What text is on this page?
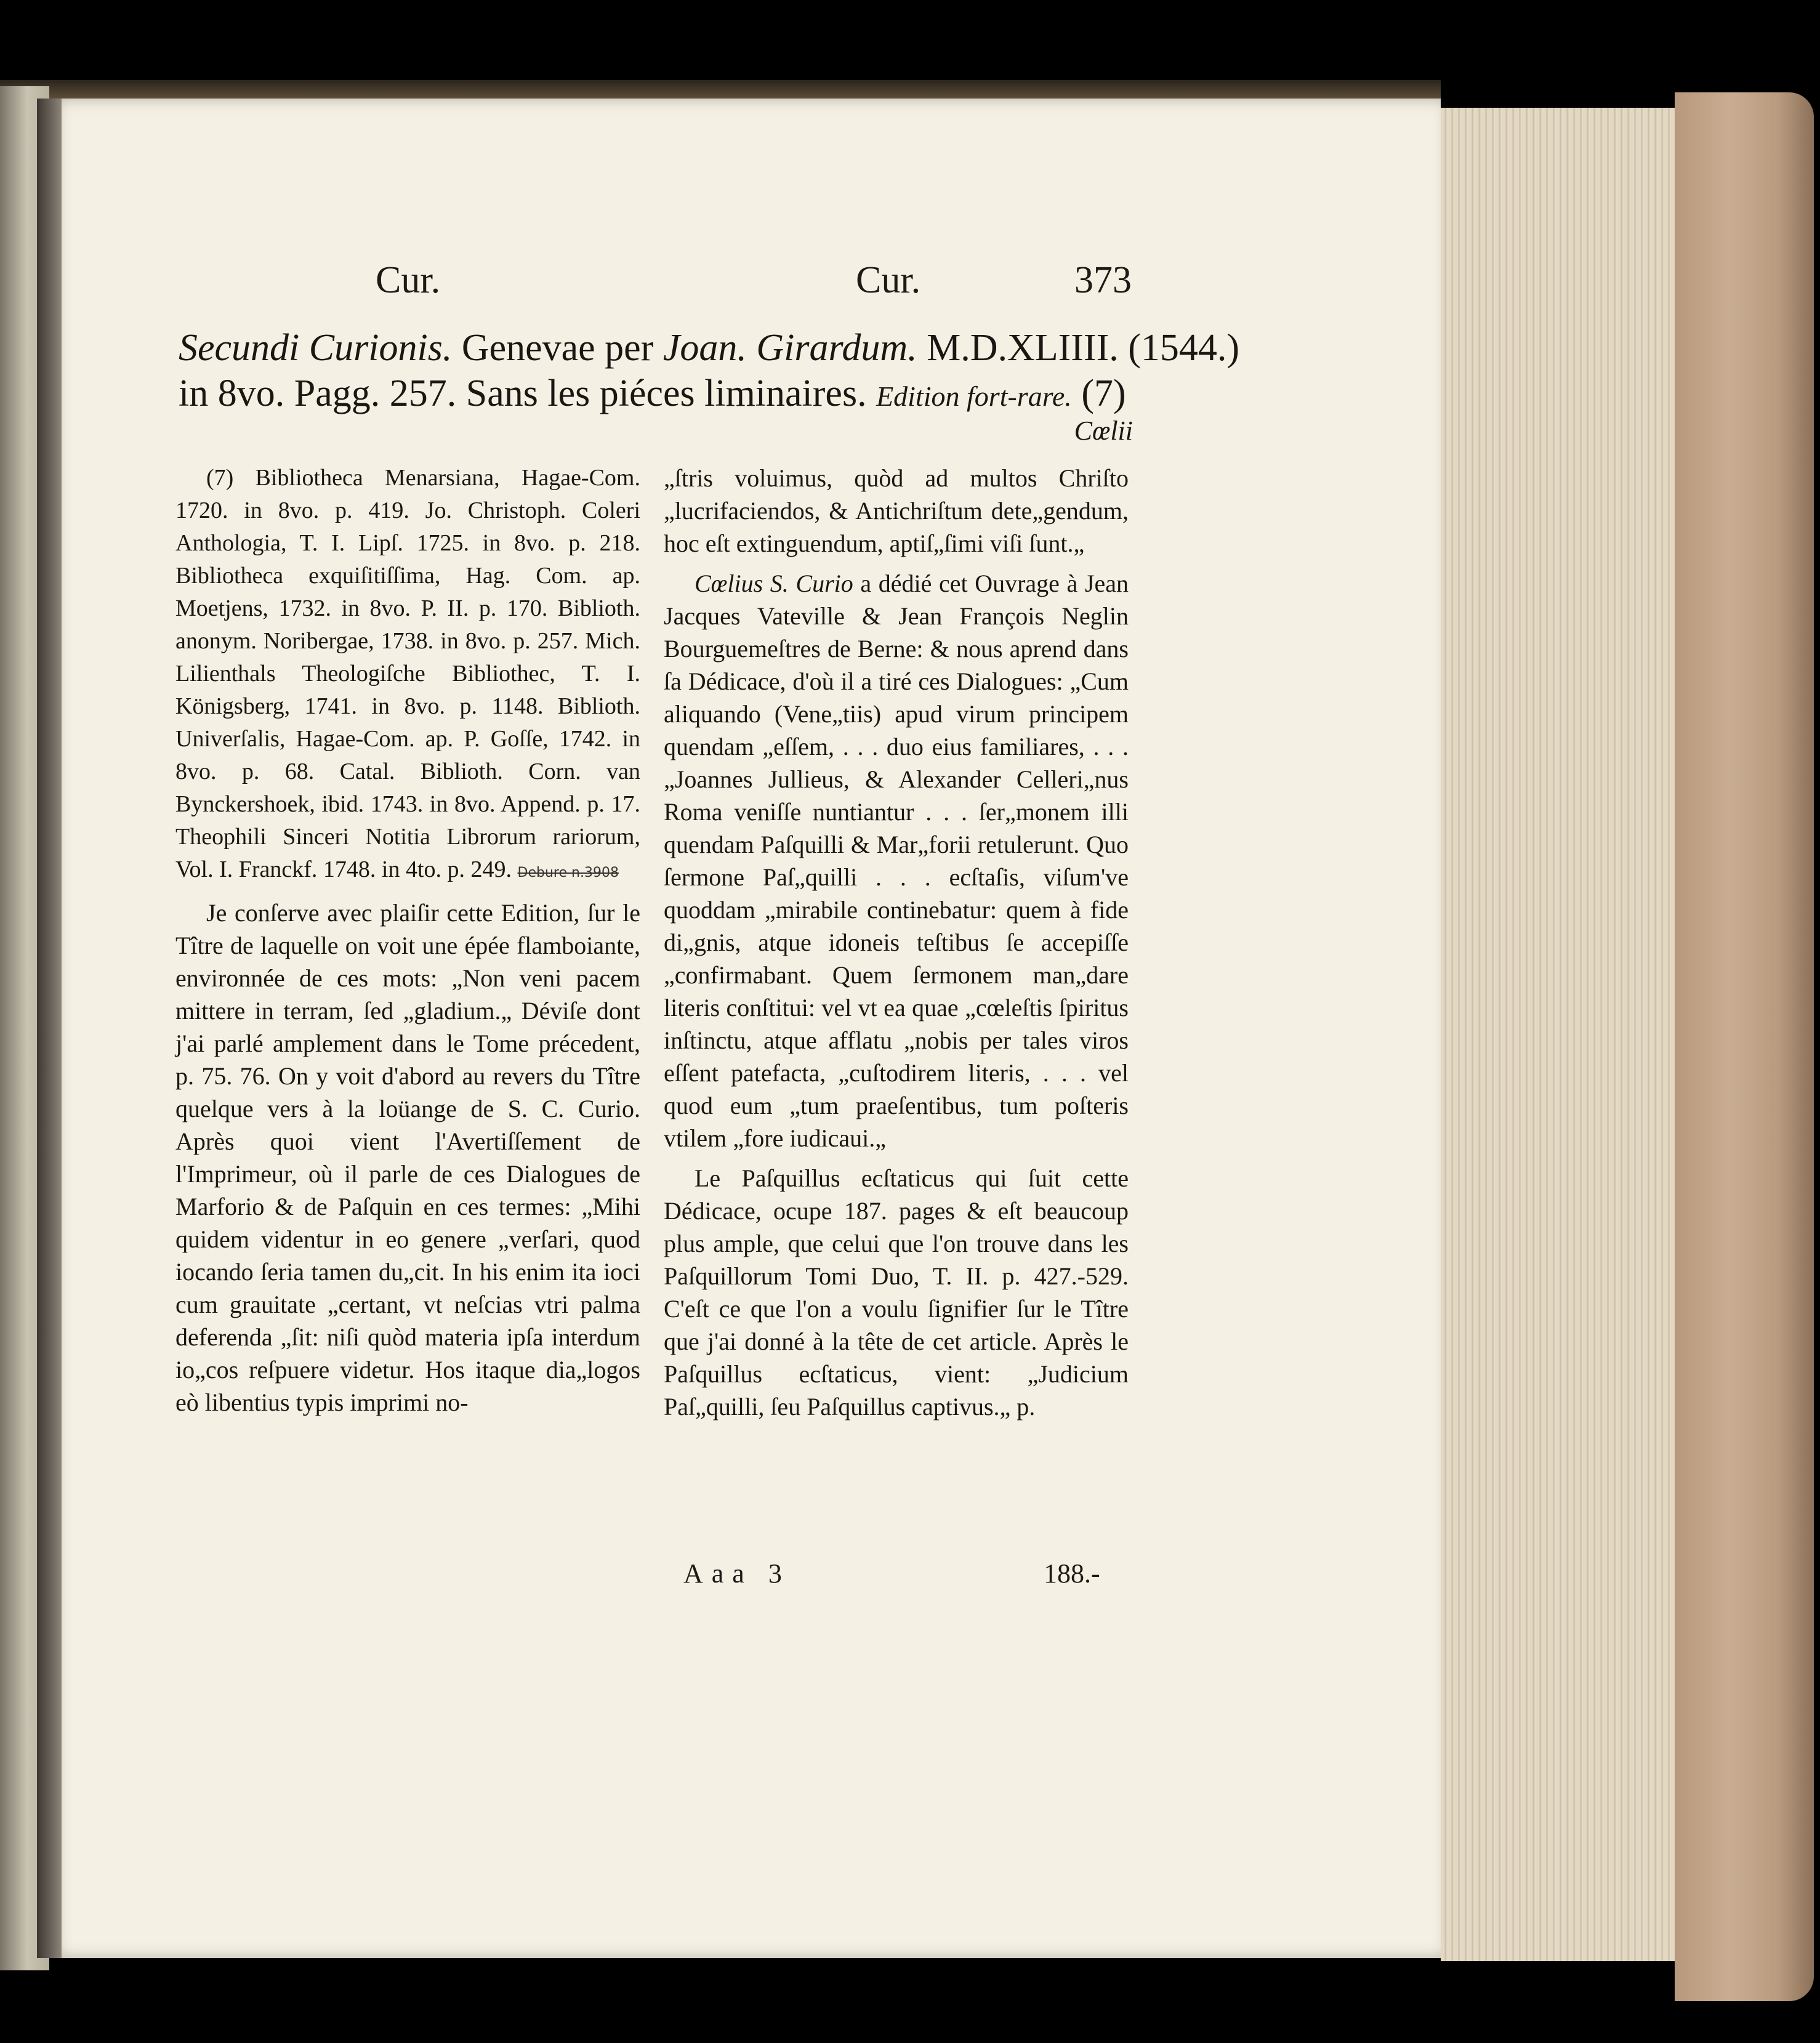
Cur.	Cur.	373
Secundi Curionis. Genevae per Joan. Girardum. M.D.XLIIII. (1544.)
in 8vo. Pagg. 257. Sans les piéces liminaires. Edition fort-rare. (7)
Cœlii

(7) Bibliotheca Menarsiana, Hagae-Com. 1720. in 8vo. p. 419. Jo. Christoph. Coleri Anthologia, T. I. Lipſ. 1725. in 8vo. p. 218. Bibliotheca exquiſitiſſima, Hag. Com. ap. Moetjens, 1732. in 8vo. P. II. p. 170. Biblioth. anonym. Noribergae, 1738. in 8vo. p. 257. Mich. Lilienthals Theologiſche Bibliothec, T. I. Königsberg, 1741. in 8vo. p. 1148. Biblioth. Univerſalis, Hagae-Com. ap. P. Goſſe, 1742. in 8vo. p. 68. Catal. Biblioth. Corn. van Bynckershoek, ibid. 1743. in 8vo. Append. p. 17. Theophili Sinceri Notitia Librorum rariorum, Vol. I. Franckf. 1748. in 4to. p. 249. Debure n.3908

Je conſerve avec plaiſir cette Edition, ſur le Tître de laquelle on voit une épée flamboiante, environnée de ces mots: „Non veni pacem mittere in terram, ſed „gladium.„ Déviſe dont j'ai parlé amplement dans le Tome précedent, p. 75. 76. On y voit d'abord au revers du Tître quelque vers à la loüange de S. C. Curio. Après quoi vient l'Avertiſſement de l'Imprimeur, où il parle de ces Dialogues de Marforio & de Paſquin en ces termes: „Mihi quidem videntur in eo genere „verſari, quod iocando ſeria tamen du„cit. In his enim ita ioci cum grauitate „certant, vt neſcias vtri palma deferenda „ſit: niſi quòd materia ipſa interdum io„cos reſpuere videtur. Hos itaque dia„logos eò libentius typis imprimi no-

„ſtris voluimus, quòd ad multos Chriſto „lucrifaciendos, & Antichriſtum dete„gendum, hoc eſt extinguendum, aptiſ„ſimi viſi ſunt.„

Cœlius S. Curio a dédié cet Ouvrage à Jean Jacques Vateville & Jean François Neglin Bourguemeſtres de Berne: & nous aprend dans ſa Dédicace, d'où il a tiré ces Dialogues: „Cum aliquando (Vene„tiis) apud virum principem quendam „eſſem, . . . duo eius familiares, . . . „Joannes Jullieus, & Alexander Celleri„nus Roma veniſſe nuntiantur . . . ſer„monem illi quendam Paſquilli & Mar„forii retulerunt. Quo ſermone Paſ„quilli . . . ecſtaſis, viſum've quoddam „mirabile continebatur: quem à fide di„gnis, atque idoneis teſtibus ſe accepiſſe „confirmabant. Quem ſermonem man„dare literis conſtitui: vel vt ea quae „cœleſtis ſpiritus inſtinctu, atque afflatu „nobis per tales viros eſſent patefacta, „cuſtodirem literis, . . . vel quod eum „tum praeſentibus, tum poſteris vtilem „fore iudicaui.„

Le Paſquillus ecſtaticus qui ſuit cette Dédicace, ocupe 187. pages & eſt beaucoup plus ample, que celui que l'on trouve dans les Paſquillorum Tomi Duo, T. II. p. 427.-529. C'eſt ce que l'on a voulu ſignifier ſur le Tître que j'ai donné à la tête de cet article. Après le Paſquillus ecſtaticus, vient: „Judicium Paſ„quilli, ſeu Paſquillus captivus.„ p.

Aaa 3	188.-
